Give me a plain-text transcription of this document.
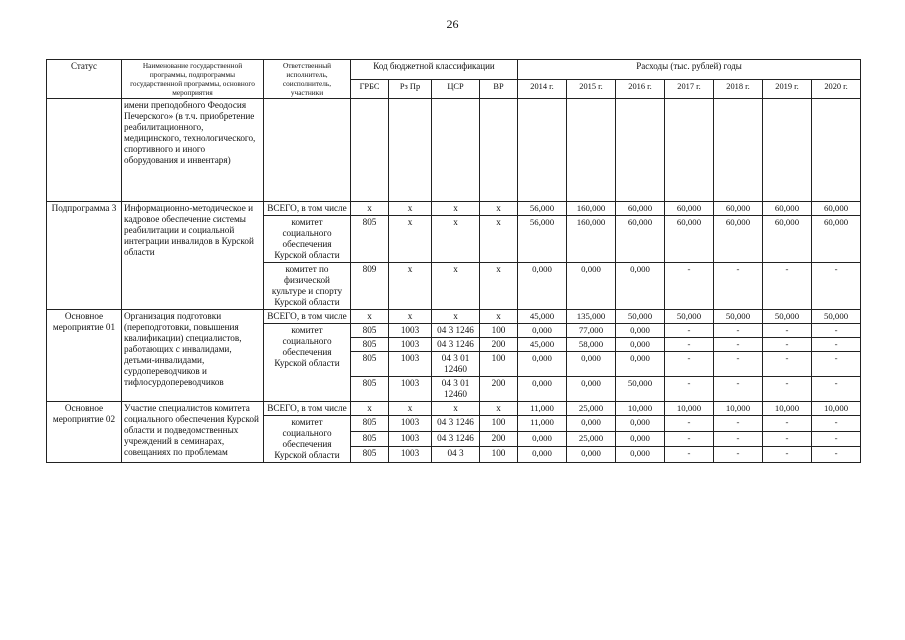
26
Статус	Наименование государственной программы, подпрограммы государственной программы, основного мероприятия	Ответственный исполнитель, соисполнитель, участники	Код бюджетной классификации				Расходы (тыс. рублей) годы						
			ГРБС	Рз Пр	ЦСР	ВР	2014 г.	2015 г.	2016 г.	2017 г.	2018 г.	2019 г.	2020 г.
	имени преподобного Феодосия Печерского» (в т.ч. приобретение реабилитационного, медицинского, технологического, спортивного и иного оборудования и инвентаря)												
Подпрограмма 3	Информационно-методическое и кадровое обеспечение системы реабилитации и социальной интеграции инвалидов в Курской области	ВСЕГО, в том числе	x	x	x	x	56,000	160,000	60,000	60,000	60,000	60,000	60,000
		комитет социального обеспечения Курской области	805	x	x	x	56,000	160,000	60,000	60,000	60,000	60,000	60,000
		комитет по физической культуре и спорту Курской области	809	x	x	x	0,000	0,000	0,000	-	-	-	-
Основное мероприятие 01	Организация подготовки (переподготовки, повышения квалификации) специалистов, работающих с инвалидами, детьми-инвалидами, сурдопереводчиков и тифлосурдопереводчиков	ВСЕГО, в том числе	x	x	x	x	45,000	135,000	50,000	50,000	50,000	50,000	50,000
		комитет социального обеспечения Курской области	805	1003	04 3 1246	100	0,000	77,000	0,000	-	-	-	-
			805	1003	04 3 1246	200	45,000	58,000	0,000	-	-	-	-
			805	1003	04 3 01 12460	100	0,000	0,000	0,000	-	-	-	-
			805	1003	04 3 01 12460	200	0,000	0,000	50,000	-	-	-	-
Основное мероприятие 02	Участие специалистов комитета социального обеспечения Курской области и подведомственных учреждений в семинарах, совещаниях по проблемам	ВСЕГО, в том числе	x	x	x	x	11,000	25,000	10,000	10,000	10,000	10,000	10,000
		комитет социального обеспечения Курской области	805	1003	04 3 1246	100	11,000	0,000	0,000	-	-	-	-
			805	1003	04 3 1246	200	0,000	25,000	0,000	-	-	-	-
			805	1003	04 3	100	0,000	0,000	0,000	-	-	-	-
